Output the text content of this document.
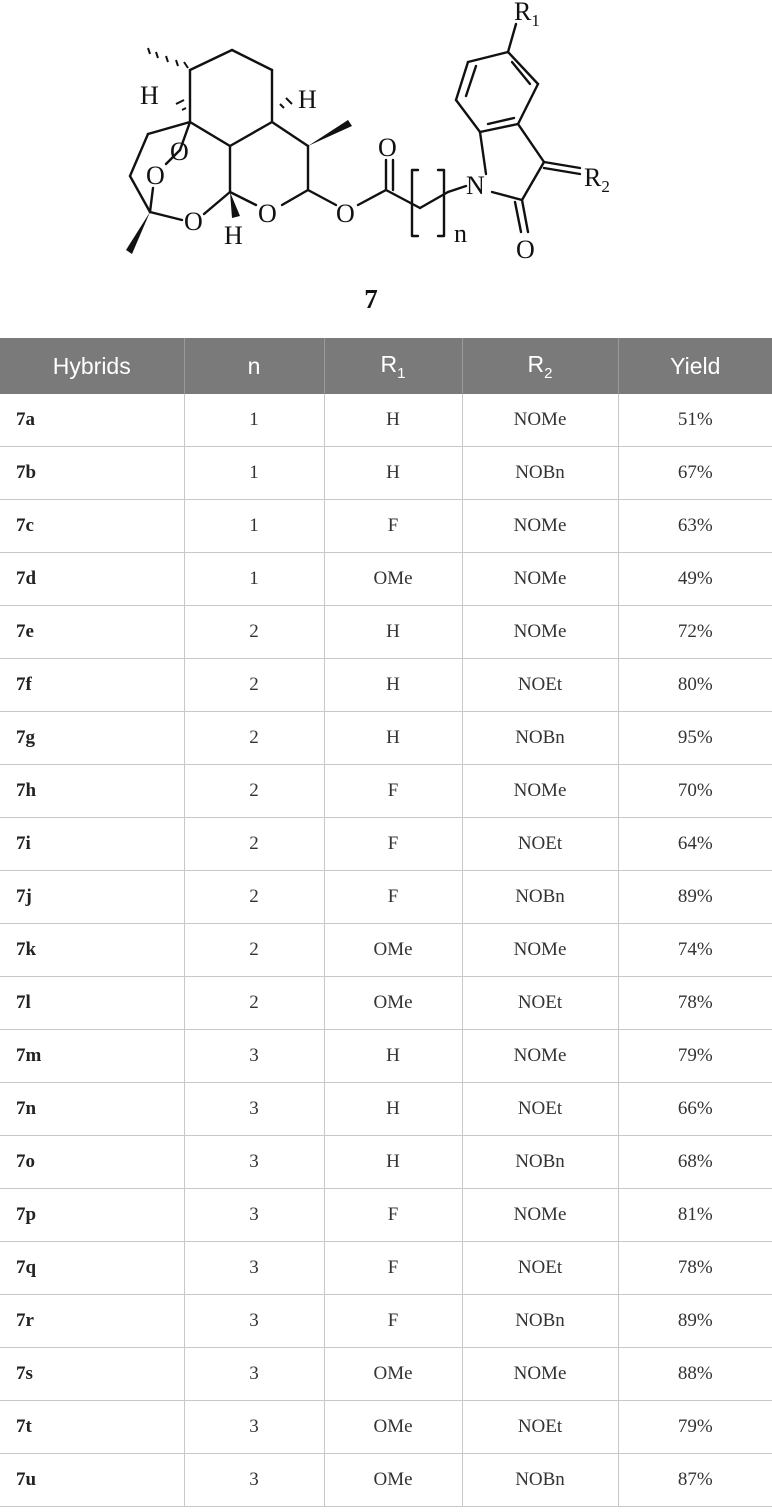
H	H
H
O
O
O O O
O
O
N
n
$R_1$
$R_2$
7
Hybrids	n	$R_1$	$R_2$	Yield
7a	1	H	NOMe	51%
7b	1	H	NOBn	67%
7c	1	F	NOMe	63%
7d	1	OMe	NOMe	49%
7e	2	H	NOMe	72%
7f	2	H	NOEt	80%
7g	2	H	NOBn	95%
7h	2	F	NOMe	70%
7i	2	F	NOEt	64%
7j	2	F	NOBn	89%
7k	2	OMe	NOMe	74%
7l	2	OMe	NOEt	78%
7m	3	H	NOMe	79%
7n	3	H	NOEt	66%
7o	3	H	NOBn	68%
7p	3	F	NOMe	81%
7q	3	F	NOEt	78%
7r	3	F	NOBn	89%
7s	3	OMe	NOMe	88%
7t	3	OMe	NOEt	79%
7u	3	OMe	NOBn	87%
